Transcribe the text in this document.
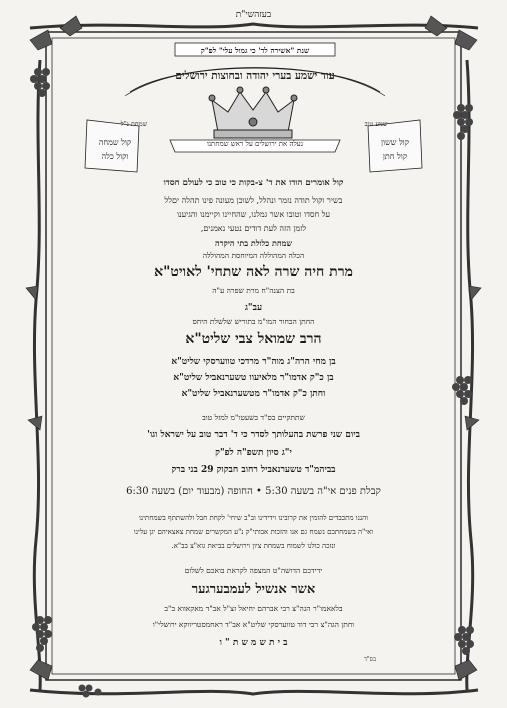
בעזהשי"ת
שנת "אשירה לד' כי גמול עלי" לפ"ק
עוד ישמע בערי יהודה ובחוצות ירושלים
נעלה את ירושלים על ראש שמחתנו	קול ששון
קול חתן
קול שמחה
וקול כלה
שמע טוב
שמחת נ"ל
קול אומרים הודו את ד' צ-בקות כי טוב כי לעולם חסדו
בשיר וקול תודה נזמר ונהלל, לשוכן מעונה פינו תהלה יםלל
על חסדו וטובו אשר גמלנו, שהחיינו וקיימנו והגיענו
לזמן הזה לעת דודים נטעי נאמנים,
שמחת כלולת בתי היקרה
הכלה המהוללה המיוחסת המהוללה
מרת חיה שרה לאה שתחי' לאויט"א
בת הצנה"ח מרת שפרה ע"ה
עב"ג
החתן הבחור המו"מ בתוריש שלשלת היחס
הרב שמואל צבי שליט"א
בן מחי הרה"ג מוה"ר מרדכי טווערסקי שליט"א
בן כ"ק אדמו"ר מלאיעוו טשערנאביל שליט"א
וחתן כ"ק אדמו"ר מטשערנאביל שליט"א
שתתקיים בס"ד בשעטו"מ למזל טוב
ביום שני פרשת בהעלותך לסדר כי ד' דבר טוב על ישראל וגו'
י"ג סיון תשפ"ה לפ"ק
בביהמ"ד טשערנאביל רחוב חבקוק 29 בני ברק
קבלת פנים אי"ה בשעה 5:30 • החופה (מבעוד יום) בשעה 6:30
והננו מתכבדים להזמין את קרובינו וידידינו וב"ב שיחי' לקחת חבל ולהשתתף בשמחתינו
ואי"ה בשמחתכם נשמח גם אנו והזכות אבותי"ק נ"ע המקשרים שמחת צאצאיהם יגן עלינו
ונזכה כולנו לשמוח בשמחת ציון וירושלים בביאת גוא"צ בב"א.
ידידכם הדושה"ט המצפה לקראת בואכם לשלום
אשר אנשיל לעמבערגער
בלאאמו"ר הגה"צ רבי אברהם יחיאל זצ"ל אב"ד מאקאווא ב"ב
וחתן הגה"צ רבי דוד טווערסקי שליט"א אב"ד ראחמסטריווקא ירושלי"ו
ב י ת ש מ ש ת " ו
בס"ד
